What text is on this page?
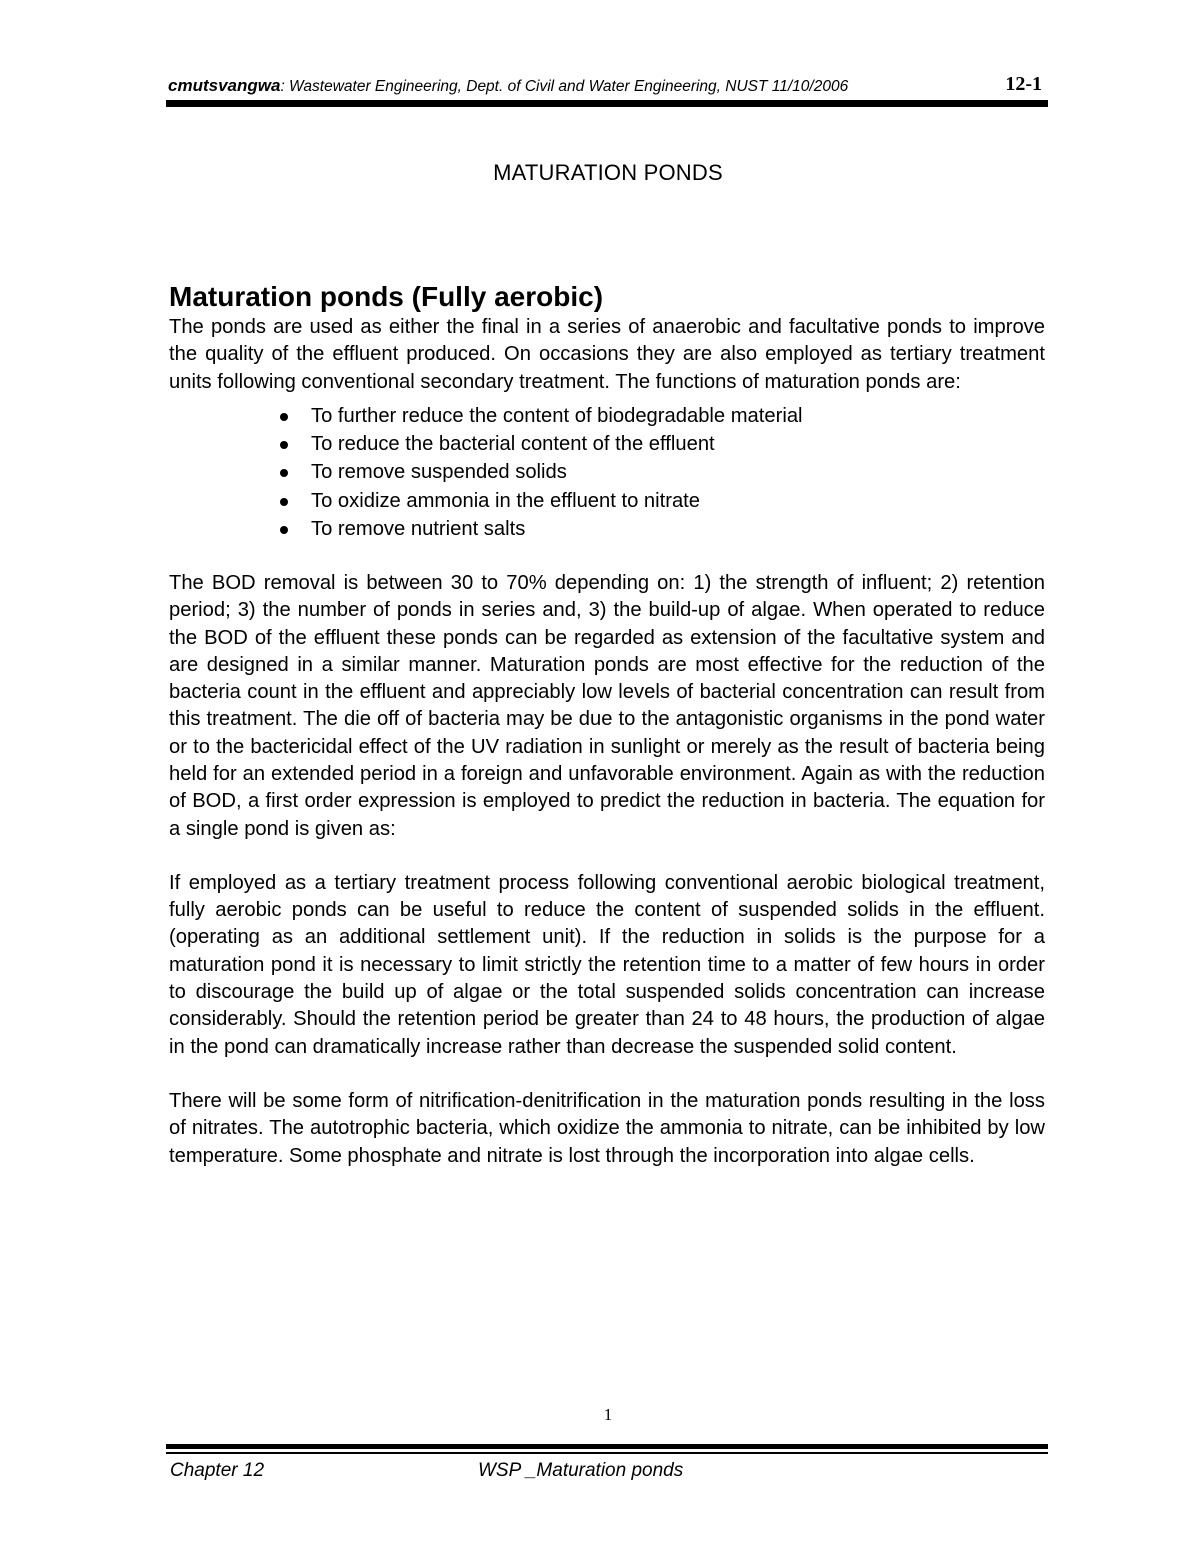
cmutsvangwa: Wastewater Engineering, Dept. of Civil and Water Engineering, NUST 11/10/2006	12-1
MATURATION PONDS
Maturation ponds (Fully aerobic)

The ponds are used as either the final in a series of anaerobic and facultative ponds to improve the quality of the effluent produced. On occasions they are also employed as tertiary treatment units following conventional secondary treatment. The functions of maturation ponds are:

To further reduce the content of biodegradable material
To reduce the bacterial content of the effluent
To remove suspended solids
To oxidize ammonia in the effluent to nitrate
To remove nutrient salts

The BOD removal is between 30 to 70% depending on: 1) the strength of influent; 2) retention period; 3) the number of ponds in series and, 3) the build-up of algae. When operated to reduce the BOD of the effluent these ponds can be regarded as extension of the facultative system and are designed in a similar manner. Maturation ponds are most effective for the reduction of the bacteria count in the effluent and appreciably low levels of bacterial concentration can result from this treatment. The die off of bacteria may be due to the antagonistic organisms in the pond water or to the bactericidal effect of the UV radiation in sunlight or merely as the result of bacteria being held for an extended period in a foreign and unfavorable environment. Again as with the reduction of BOD, a first order expression is employed to predict the reduction in bacteria. The equation for a single pond is given as:

If employed as a tertiary treatment process following conventional aerobic biological treatment, fully aerobic ponds can be useful to reduce the content of suspended solids in the effluent. (operating as an additional settlement unit). If the reduction in solids is the purpose for a maturation pond it is necessary to limit strictly the retention time to a matter of few hours in order to discourage the build up of algae or the total suspended solids concentration can increase considerably. Should the retention period be greater than 24 to 48 hours, the production of algae in the pond can dramatically increase rather than decrease the suspended solid content.

There will be some form of nitrification-denitrification in the maturation ponds resulting in the loss of nitrates. The autotrophic bacteria, which oxidize the ammonia to nitrate, can be inhibited by low temperature. Some phosphate and nitrate is lost through the incorporation into algae cells.

1
Chapter 12	WSP _Maturation ponds
